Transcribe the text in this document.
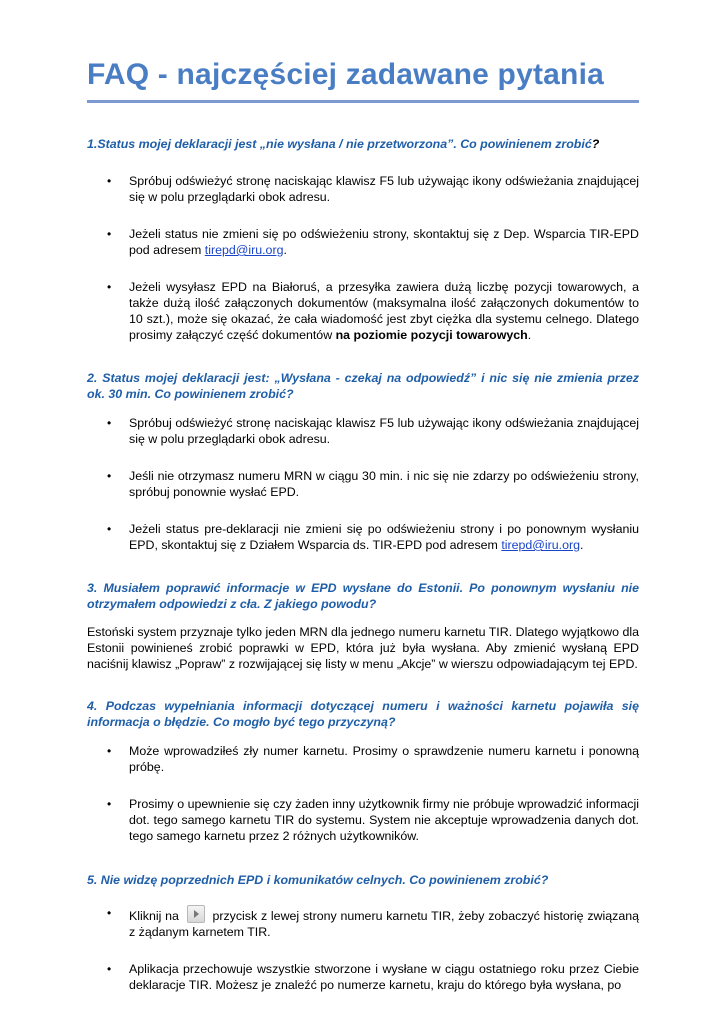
FAQ - najczęściej zadawane pytania

1.Status mojej deklaracji jest „nie wysłana / nie przetworzona”. Co powinienem zrobić?

• Spróbuj odświeżyć stronę naciskając klawisz F5 lub używając ikony odświeżania znajdującej się w polu przeglądarki obok adresu.
• Jeżeli status nie zmieni się po odświeżeniu strony, skontaktuj się z Dep. Wsparcia TIR-EPD pod adresem tirepd@iru.org.
• Jeżeli wysyłasz EPD na Białoruś, a przesyłka zawiera dużą liczbę pozycji towarowych, a także dużą ilość załączonych dokumentów (maksymalna ilość załączonych dokumentów to 10 szt.), może się okazać, że cała wiadomość jest zbyt ciężka dla systemu celnego. Dlatego prosimy załączyć część dokumentów na poziomie pozycji towarowych.

2. Status mojej deklaracji jest: „Wysłana - czekaj na odpowiedź” i nic się nie zmienia przez ok. 30 min. Co powinienem zrobić?

• Spróbuj odświeżyć stronę naciskając klawisz F5 lub używając ikony odświeżania znajdującej się w polu przeglądarki obok adresu.
• Jeśli nie otrzymasz numeru MRN w ciągu 30 min. i nic się nie zdarzy po odświeżeniu strony, spróbuj ponownie wysłać EPD.
• Jeżeli status pre-deklaracji nie zmieni się po odświeżeniu strony i po ponownym wysłaniu EPD, skontaktuj się z Działem Wsparcia ds. TIR-EPD pod adresem tirepd@iru.org.

3. Musiałem poprawić informacje w EPD wysłane do Estonii. Po ponownym wysłaniu nie otrzymałem odpowiedzi z cła. Z jakiego powodu?

Estoński system przyznaje tylko jeden MRN dla jednego numeru karnetu TIR. Dlatego wyjątkowo dla Estonii powinieneś zrobić poprawki w EPD, która już była wysłana. Aby zmienić wysłaną EPD naciśnij klawisz „Popraw” z rozwijającej się listy w menu „Akcje” w wierszu odpowiadającym tej EPD.

4. Podczas wypełniania informacji dotyczącej numeru i ważności karnetu pojawiła się informacja o błędzie. Co mogło być tego przyczyną?

• Może wprowadziłeś zły numer karnetu. Prosimy o sprawdzenie numeru karnetu i ponowną próbę.
• Prosimy o upewnienie się czy żaden inny użytkownik firmy nie próbuje wprowadzić informacji dot. tego samego karnetu TIR do systemu. System nie akceptuje wprowadzenia danych dot. tego samego karnetu przez 2 różnych użytkowników.

5. Nie widzę poprzednich EPD i komunikatów celnych. Co powinienem zrobić?

• Kliknij na  przycisk z lewej strony numeru karnetu TIR, żeby zobaczyć historię związaną z żądanym karnetem TIR.
• Aplikacja przechowuje wszystkie stworzone i wysłane w ciągu ostatniego roku przez Ciebie deklaracje TIR. Możesz je znaleźć po numerze karnetu, kraju do którego była wysłana, po
